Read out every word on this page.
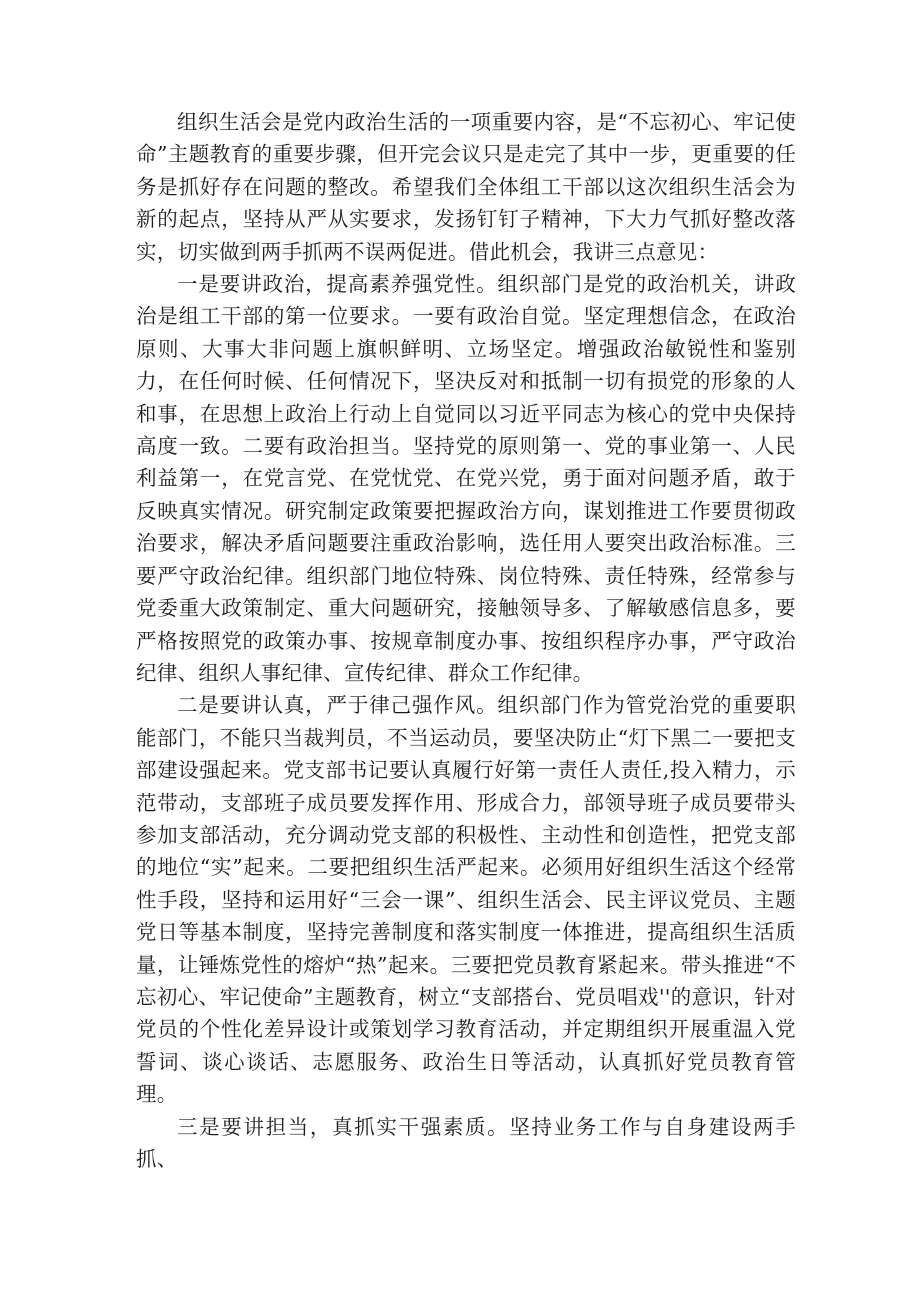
组织生活会是党内政治生活的一项重要内容，是“不忘初心、牢记使命”主题教育的重要步骤，但开完会议只是走完了其中一步，更重要的任务是抓好存在问题的整改。希望我们全体组工干部以这次组织生活会为新的起点，坚持从严从实要求，发扬钉钉子精神，下大力气抓好整改落实，切实做到两手抓两不误两促进。借此机会，我讲三点意见：

一是要讲政治，提高素养强党性。组织部门是党的政治机关，讲政治是组工干部的第一位要求。一要有政治自觉。坚定理想信念，在政治原则、大事大非问题上旗帜鲜明、立场坚定。增强政治敏锐性和鉴别力，在任何时候、任何情况下，坚决反对和抵制一切有损党的形象的人和事，在思想上政治上行动上自觉同以习近平同志为核心的党中央保持高度一致。二要有政治担当。坚持党的原则第一、党的事业第一、人民利益第一，在党言党、在党忧党、在党兴党，勇于面对问题矛盾，敢于反映真实情况。研究制定政策要把握政治方向，谋划推进工作要贯彻政治要求，解决矛盾问题要注重政治影响，选任用人要突出政治标准。三要严守政治纪律。组织部门地位特殊、岗位特殊、责任特殊，经常参与党委重大政策制定、重大问题研究，接触领导多、了解敏感信息多，要严格按照党的政策办事、按规章制度办事、按组织程序办事，严守政治纪律、组织人事纪律、宣传纪律、群众工作纪律。

二是要讲认真，严于律己强作风。组织部门作为管党治党的重要职能部门，不能只当裁判员，不当运动员，要坚决防止“灯下黑二一要把支部建设强起来。党支部书记要认真履行好第一责任人责任,投入精力，示范带动，支部班子成员要发挥作用、形成合力，部领导班子成员要带头参加支部活动，充分调动党支部的积极性、主动性和创造性，把党支部的地位“实”起来。二要把组织生活严起来。必须用好组织生活这个经常性手段，坚持和运用好“三会一课”、组织生活会、民主评议党员、主题党日等基本制度，坚持完善制度和落实制度一体推进，提高组织生活质量，让锤炼党性的熔炉“热”起来。三要把党员教育紧起来。带头推进“不忘初心、牢记使命”主题教育，树立“支部搭台、党员唱戏''的意识，针对党员的个性化差异设计或策划学习教育活动，并定期组织开展重温入党誓词、谈心谈话、志愿服务、政治生日等活动，认真抓好党员教育管理。

三是要讲担当，真抓实干强素质。坚持业务工作与自身建设两手抓、
